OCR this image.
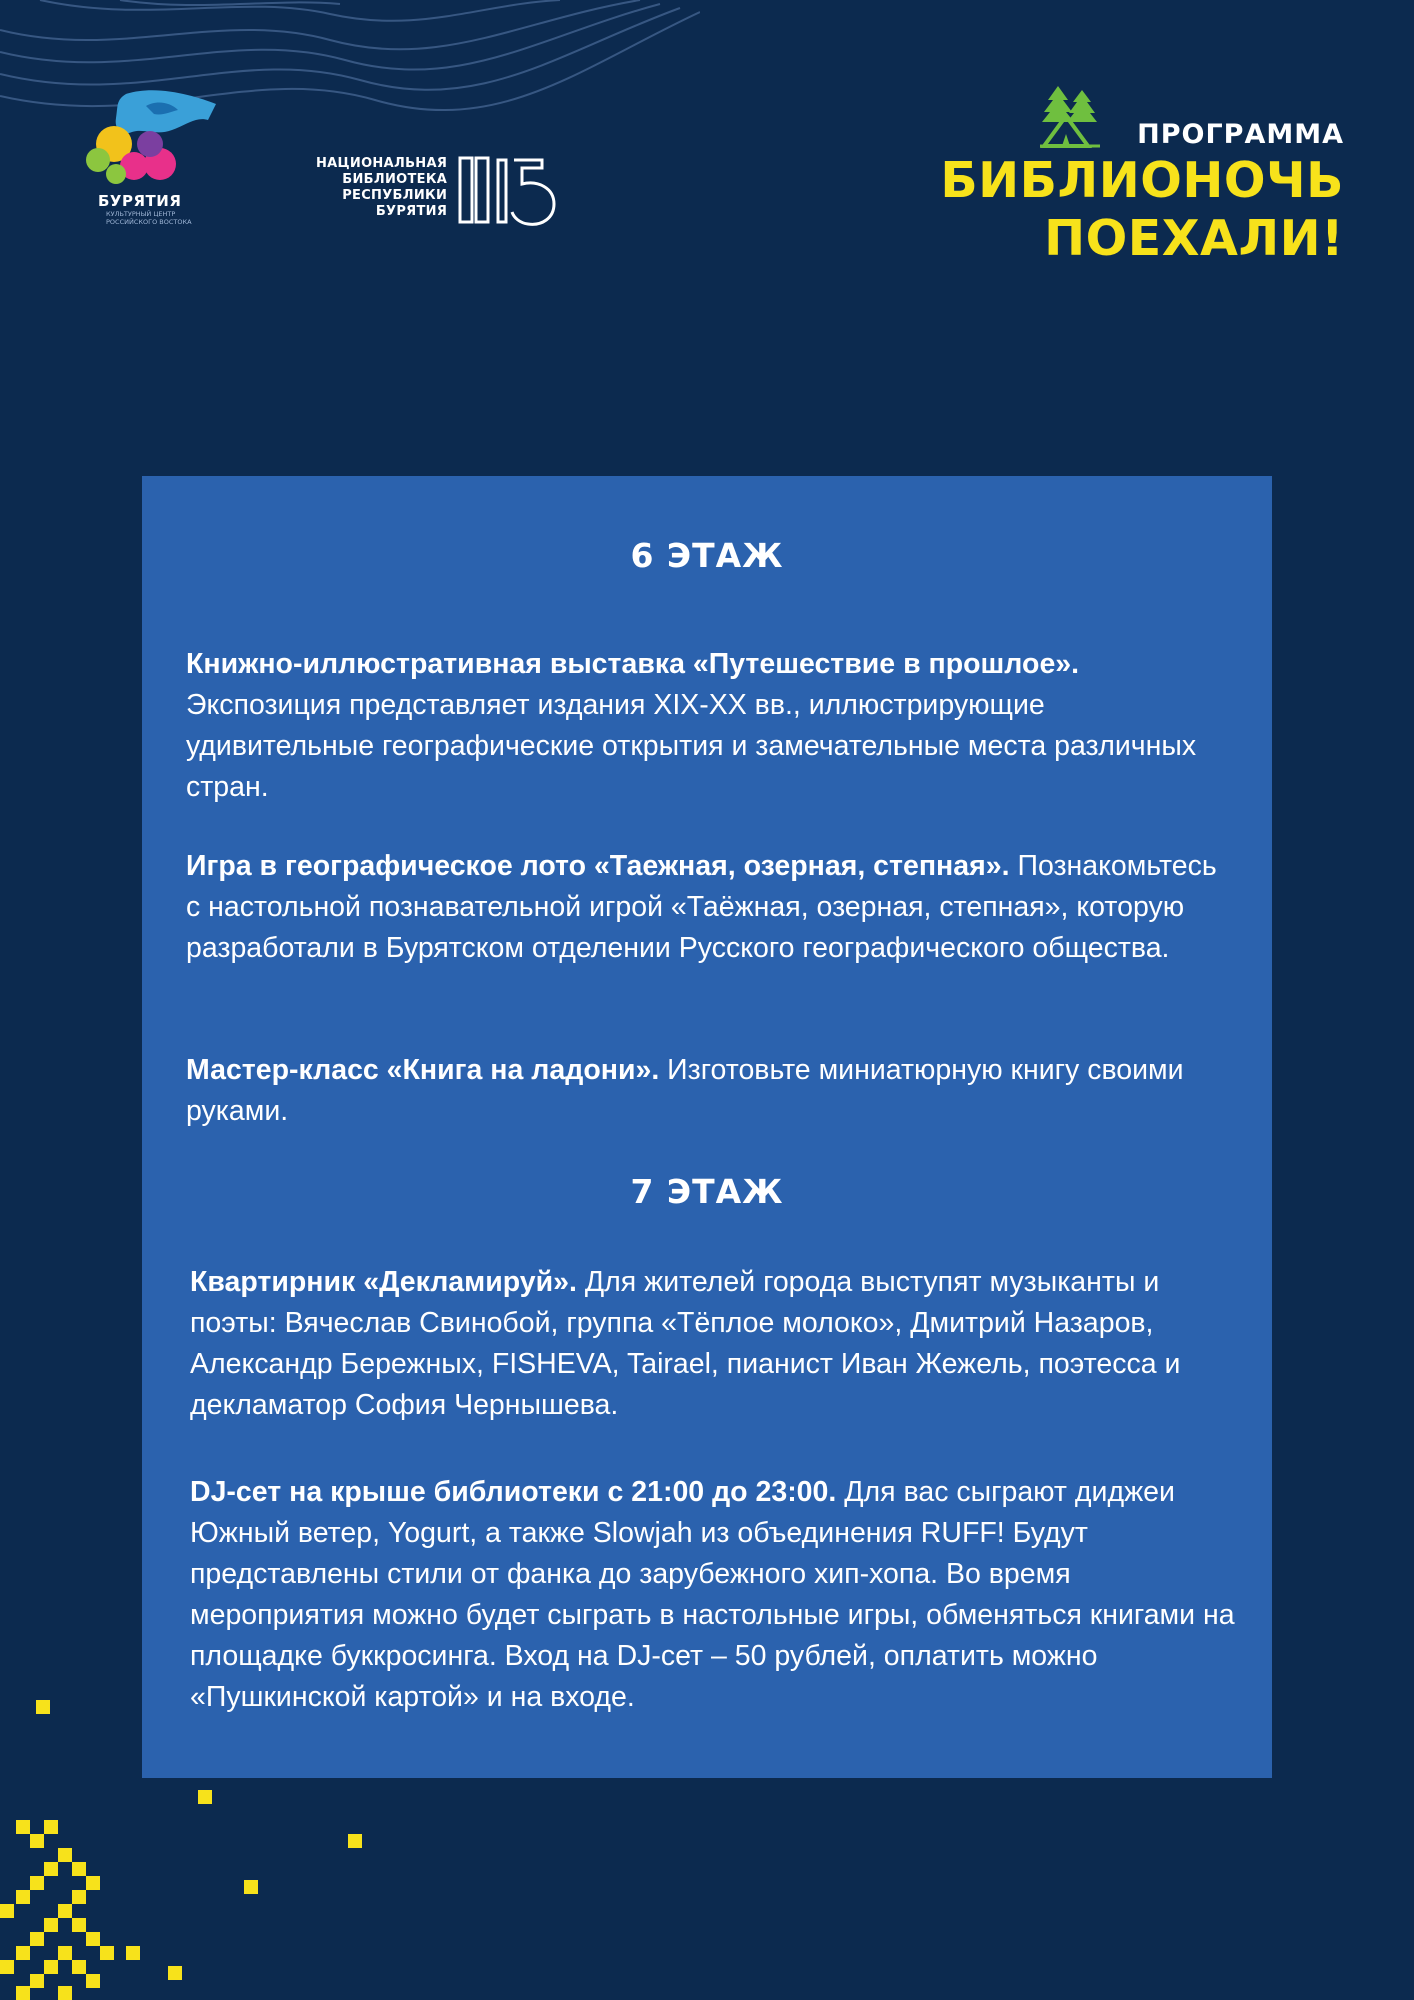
БУРЯТИЯ
КУЛЬТУРНЫЙ ЦЕНТР РОССИЙСКОГО ВОСТОКА
НАЦИОНАЛЬНАЯ
БИБЛИОТЕКА
РЕСПУБЛИКИ
БУРЯТИЯ
ПРОГРАММА
БИБЛИОНОЧЬ
ПОЕХАЛИ!
6 ЭТАЖ
Книжно-иллюстративная выставка «Путешествие в прошлое». Экспозиция представляет издания XIX-XX вв., иллюстрирующие удивительные географические открытия и замечательные места различных стран.
Игра в географическое лото «Таежная, озерная, степная». Познакомьтесь с настольной познавательной игрой «Таёжная, озерная, степная», которую разработали в Бурятском отделении Русского географического общества.
Мастер-класс «Книга на ладони». Изготовьте миниатюрную книгу своими руками.
7 ЭТАЖ
Квартирник «Декламируй». Для жителей города выступят музыканты и поэты: Вячеслав Свинобой, группа «Тёплое молоко», Дмитрий Назаров, Александр Бережных, FISHEVA, Tairael, пианист Иван Жежель, поэтесса и декламатор София Чернышева.
DJ-сет на крыше библиотеки с 21:00 до 23:00. Для вас сыграют диджеи Южный ветер, Yogurt, а также Slowjah из объединения RUFF! Будут представлены стили от фанка до зарубежного хип-хопа. Во время мероприятия можно будет сыграть в настольные игры, обменяться книгами на площадке буккросинга. Вход на DJ-сет – 50 рублей, оплатить можно «Пушкинской картой» и на входе.
